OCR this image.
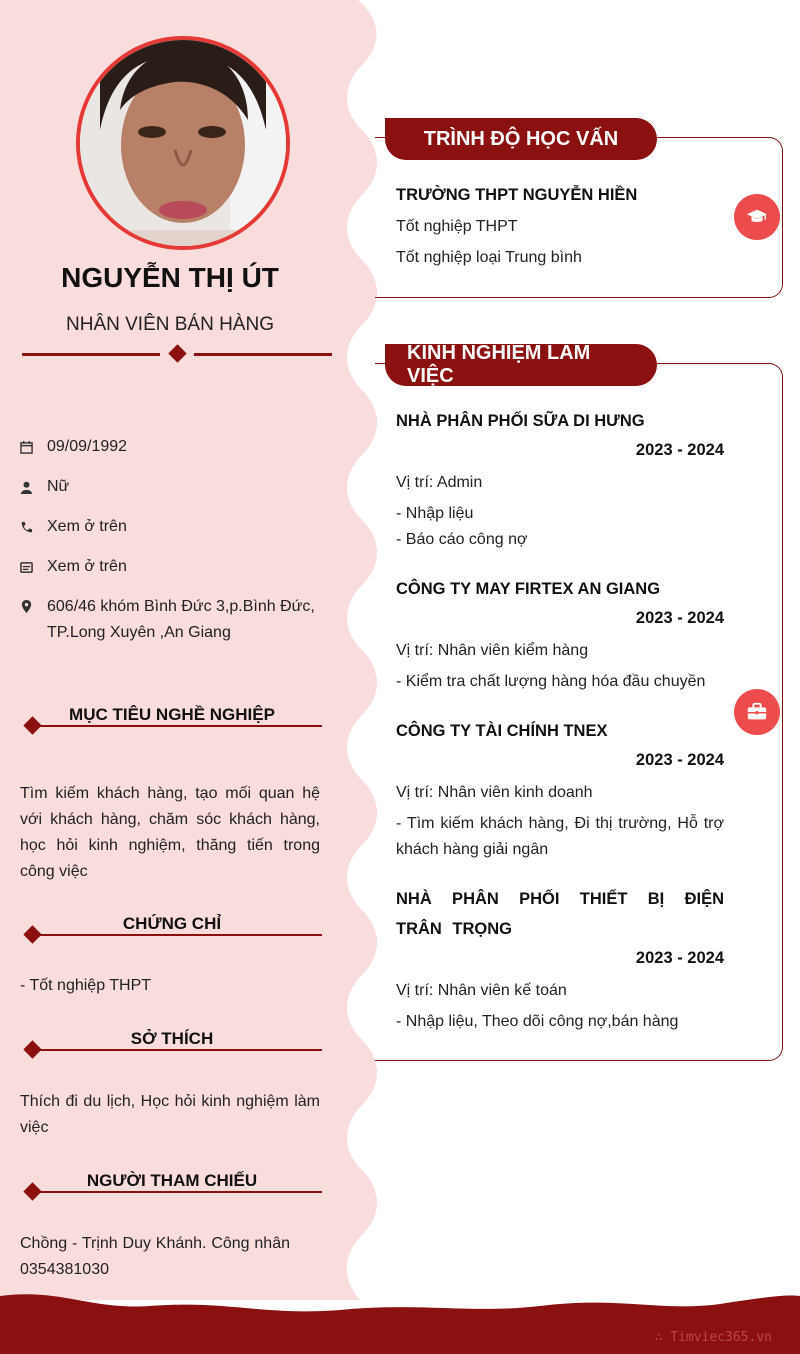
NGUYỄN THỊ ÚT
NHÂN VIÊN BÁN HÀNG
09/09/1992
Nữ
Xem ở trên
Xem ở trên
606/46 khóm Bình Đức 3,p.Bình Đức, TP.Long Xuyên ,An Giang
MỤC TIÊU NGHỀ NGHIỆP
Tìm kiếm khách hàng, tạo mối quan hệ với khách hàng, chăm sóc khách hàng, học hỏi kinh nghiệm, thăng tiến trong công việc
CHỨNG CHỈ
- Tốt nghiệp THPT
SỞ THÍCH
Thích đi du lịch, Học hỏi kinh nghiệm làm việc
NGƯỜI THAM CHIẾU
Chồng - Trịnh Duy Khánh. Công nhân 0354381030
TRÌNH ĐỘ HỌC VẤN
TRƯỜNG THPT NGUYỄN HIỀN
Tốt nghiệp THPT
Tốt nghiệp loại Trung bình
KINH NGHIỆM LÀM VIỆC
NHÀ PHÂN PHỐI SỮA DI HƯNG
2023 - 2024
Vị trí: Admin
- Nhập liệu
- Báo cáo công nợ
CÔNG TY MAY FIRTEX AN GIANG
2023 - 2024
Vị trí: Nhân viên kiểm hàng
- Kiểm tra chất lượng hàng hóa đầu chuyền
CÔNG TY TÀI CHÍNH TNEX
2023 - 2024
Vị trí: Nhân viên kinh doanh
- Tìm kiếm khách hàng, Đi thị trường, Hỗ trợ khách hàng giải ngân
NHÀ PHÂN PHỐI THIẾT BỊ ĐIỆN TRÂN TRỌNG
2023 - 2024
Vị trí: Nhân viên kế toán
- Nhập liệu, Theo dõi công nợ,bán hàng
∴ Timviec365.vn
